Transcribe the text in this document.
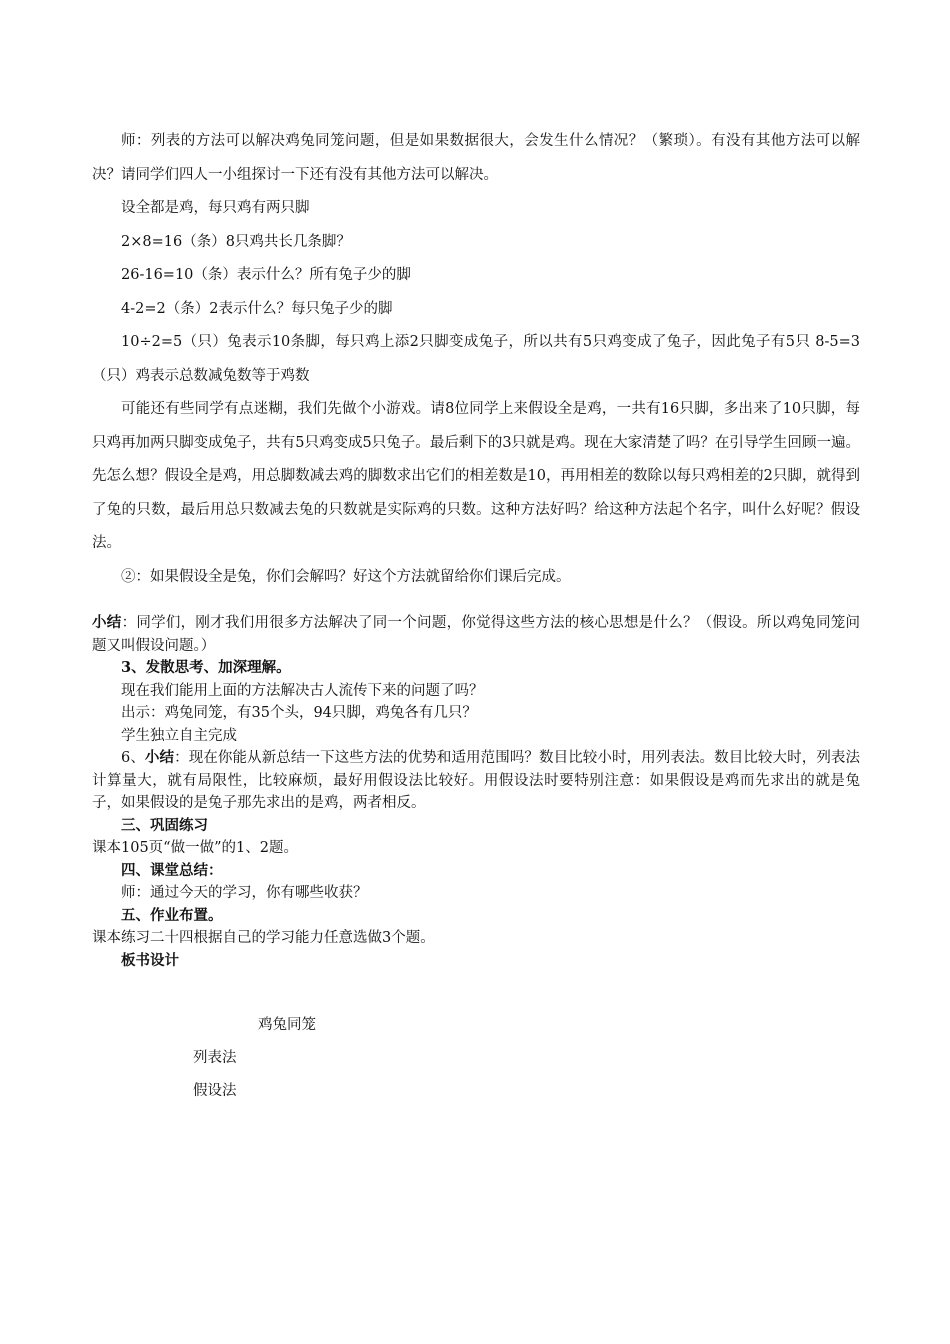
师：列表的方法可以解决鸡兔同笼问题，但是如果数据很大，会发生什么情况？（繁琐）。有没有其他方法可以解决？请同学们四人一小组探讨一下还有没有其他方法可以解决。

设全都是鸡，每只鸡有两只脚

2×8=16（条）8只鸡共长几条脚？

26-16=10（条）表示什么？所有兔子少的脚

4-2=2（条）2表示什么？每只兔子少的脚

10÷2=5（只）兔表示10条脚，每只鸡上添2只脚变成兔子，所以共有5只鸡变成了兔子，因此兔子有5只 8-5=3（只）鸡表示总数减兔数等于鸡数

可能还有些同学有点迷糊，我们先做个小游戏。请8位同学上来假设全是鸡，一共有16只脚，多出来了10只脚，每只鸡再加两只脚变成兔子，共有5只鸡变成5只兔子。最后剩下的3只就是鸡。现在大家清楚了吗？在引导学生回顾一遍。先怎么想？假设全是鸡，用总脚数减去鸡的脚数求出它们的相差数是10，再用相差的数除以每只鸡相差的2只脚，就得到了兔的只数，最后用总只数减去兔的只数就是实际鸡的只数。这种方法好吗？给这种方法起个名字，叫什么好呢？假设法。

②：如果假设全是兔，你们会解吗？好这个方法就留给你们课后完成。

小结：同学们，刚才我们用很多方法解决了同一个问题，你觉得这些方法的核心思想是什么？（假设。所以鸡兔同笼问题又叫假设问题。）

3、发散思考、加深理解。

现在我们能用上面的方法解决古人流传下来的问题了吗？

出示：鸡兔同笼，有35个头，94只脚，鸡兔各有几只？

学生独立自主完成

6、小结：现在你能从新总结一下这些方法的优势和适用范围吗？数目比较小时，用列表法。数目比较大时，列表法计算量大，就有局限性，比较麻烦，最好用假设法比较好。用假设法时要特别注意：如果假设是鸡而先求出的就是兔子，如果假设的是兔子那先求出的是鸡，两者相反。

三、巩固练习

课本105页“做一做”的1、2题。

四、课堂总结：

师：通过今天的学习，你有哪些收获？

五、作业布置。

课本练习二十四根据自己的学习能力任意选做3个题。

板书设计

鸡兔同笼
列表法
假设法
